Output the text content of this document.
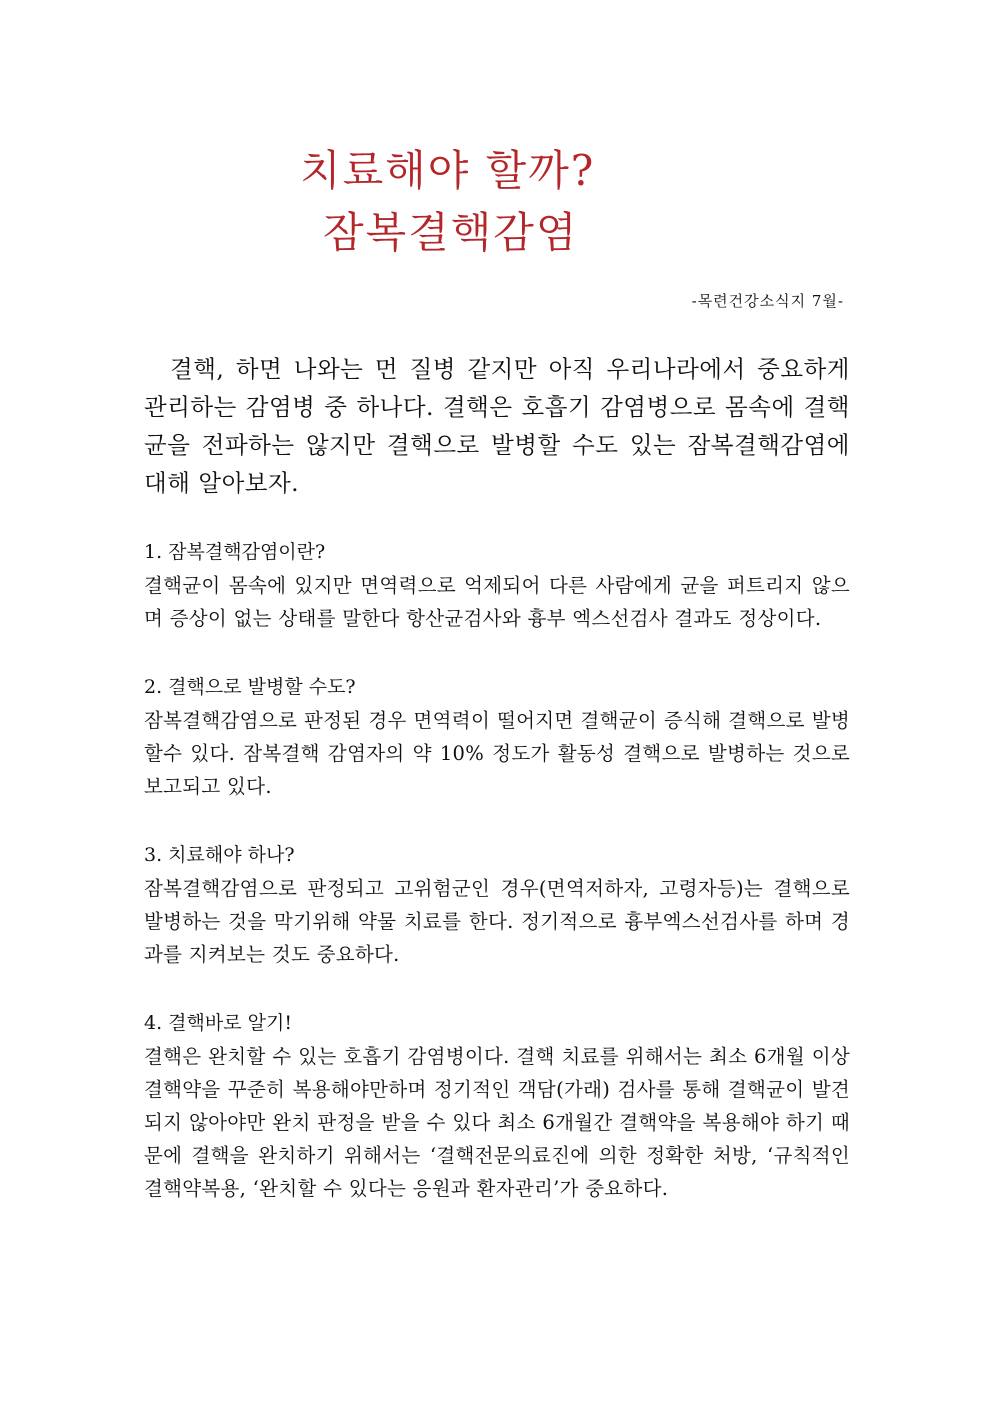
치료해야 할까?
잠복결핵감염
-목련건강소식지 7월-
결핵, 하면 나와는 먼 질병 같지만 아직 우리나라에서 중요하게 관리하는 감염병 중 하나다. 결핵은 호흡기 감염병으로 몸속에 결핵균을 전파하는 않지만 결핵으로 발병할 수도 있는 잠복결핵감염에 대해 알아보자.
1. 잠복결핵감염이란?
결핵균이 몸속에 있지만 면역력으로 억제되어 다른 사람에게 균을 퍼트리지 않으며 증상이 없는 상태를 말한다 항산균검사와 흉부 엑스선검사 결과도 정상이다.
2. 결핵으로 발병할 수도?
잠복결핵감염으로 판정된 경우 면역력이 떨어지면 결핵균이 증식해 결핵으로 발병할수 있다. 잠복결핵 감염자의 약 10% 정도가 활동성 결핵으로 발병하는 것으로 보고되고 있다.
3. 치료해야 하나?
잠복결핵감염으로 판정되고 고위험군인 경우(면역저하자, 고령자등)는 결핵으로 발병하는 것을 막기위해 약물 치료를 한다. 정기적으로 흉부엑스선검사를 하며 경과를 지켜보는 것도 중요하다.
4. 결핵바로 알기!
결핵은 완치할 수 있는 호흡기 감염병이다. 결핵 치료를 위해서는 최소 6개월 이상 결핵약을 꾸준히 복용해야만하며 정기적인 객담(가래) 검사를 통해 결핵균이 발견되지 않아야만 완치 판정을 받을 수 있다 최소 6개월간 결핵약을 복용해야 하기 때문에 결핵을 완치하기 위해서는 ‘결핵전문의료진에 의한 정확한 처방, ‘규칙적인 결핵약복용, ‘완치할 수 있다는 응원과 환자관리’가 중요하다.
